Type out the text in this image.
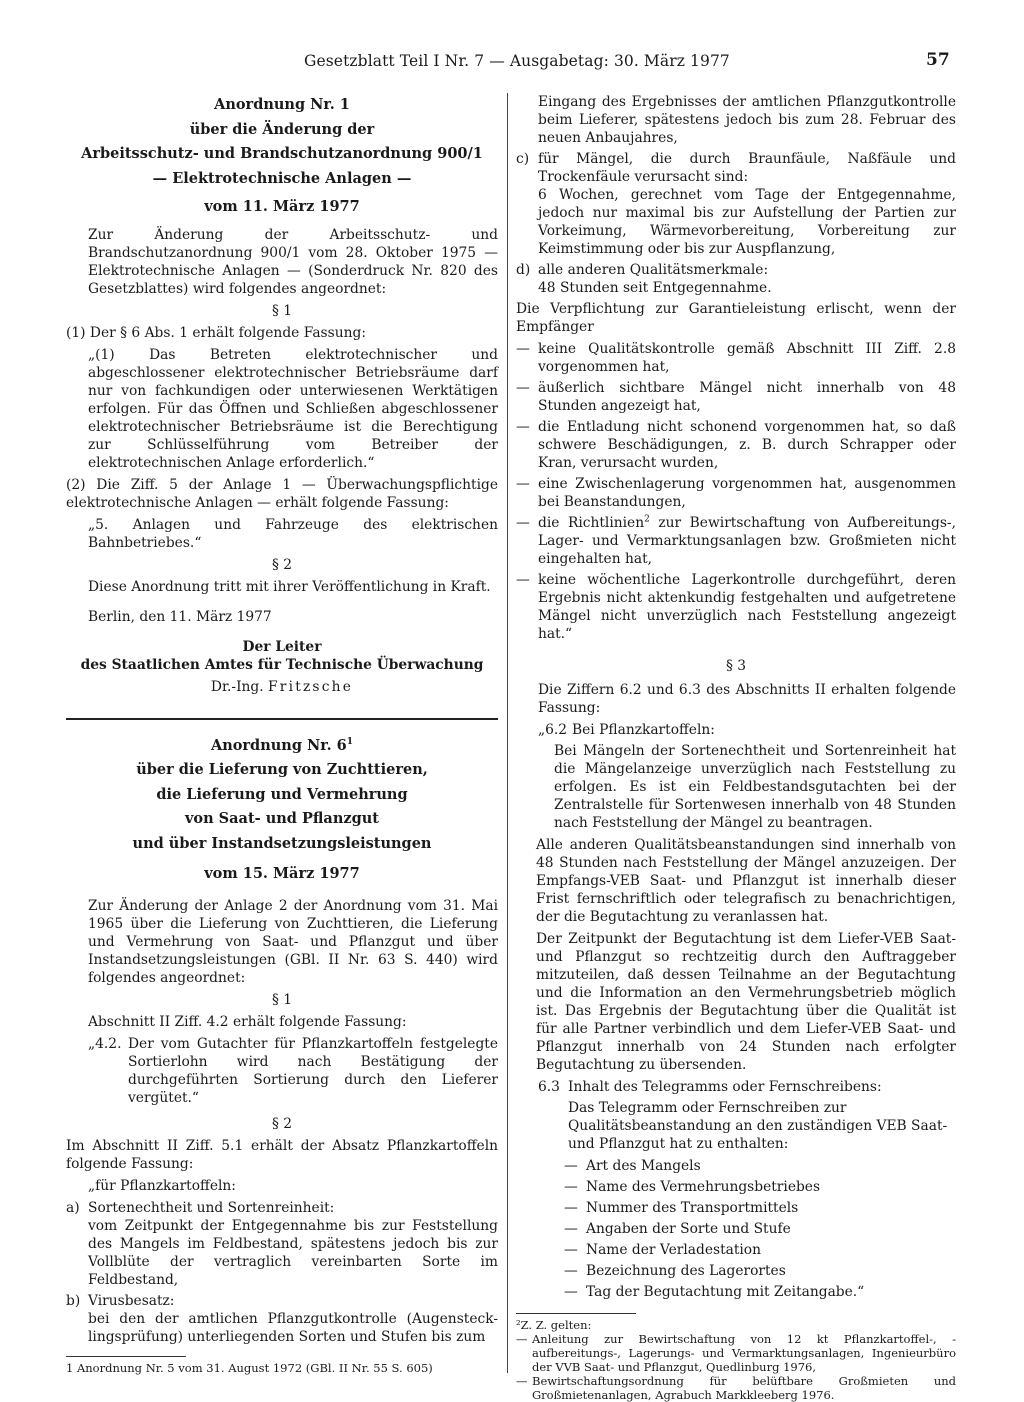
Gesetzblatt Teil I Nr. 7 — Ausgabetag: 30. März 1977	57
Anordnung Nr. 1
über die Änderung der
Arbeitsschutz- und Brandschutzanordnung 900/1
— Elektrotechnische Anlagen —
vom 11. März 1977

Zur Änderung der Arbeitsschutz- und Brandschutzanordnung 900/1 vom 28. Oktober 1975 — Elektrotechnische Anlagen — (Sonderdruck Nr. 820 des Gesetzblattes) wird folgendes angeordnet:

§ 1

(1) Der § 6 Abs. 1 erhält folgende Fassung:

„(1) Das Betreten elektrotechnischer und abgeschlossener elektrotechnischer Betriebsräume darf nur von fachkundigen oder unterwiesenen Werktätigen erfolgen. Für das Öffnen und Schließen abgeschlossener elektrotechnischer Betriebsräume ist die Berechtigung zur Schlüsselführung vom Betreiber der elektrotechnischen Anlage erforderlich.“

(2) Die Ziff. 5 der Anlage 1 — Überwachungspflichtige elektrotechnische Anlagen — erhält folgende Fassung:

„5. Anlagen und Fahrzeuge des elektrischen Bahnbetriebes.“

§ 2

Diese Anordnung tritt mit ihrer Veröffentlichung in Kraft.

Berlin, den 11. März 1977

Der Leiter
des Staatlichen Amtes für Technische Überwachung
Dr.-Ing. Fritzsche
Anordnung Nr. $6^1$
über die Lieferung von Zuchttieren,
die Lieferung und Vermehrung
von Saat- und Pflanzgut
und über Instandsetzungsleistungen
vom 15. März 1977

Zur Änderung der Anlage 2 der Anordnung vom 31. Mai 1965 über die Lieferung von Zuchttieren, die Lieferung und Vermehrung von Saat- und Pflanzgut und über Instandsetzungsleistungen (GBl. II Nr. 63 S. 440) wird folgendes angeordnet:

§ 1

Abschnitt II Ziff. 4.2 erhält folgende Fassung:

„4.2. Der vom Gutachter für Pflanzkartoffeln festgelegte Sortierlohn wird nach Bestätigung der durchgeführten Sortierung durch den Lieferer vergütet.“
§ 2

Im Abschnitt II Ziff. 5.1 erhält der Absatz Pflanzkartoffeln folgende Fassung:

„für Pflanzkartoffeln:

a) Sortenechtheit und Sortenreinheit:
vom Zeitpunkt der Entgegennahme bis zur Feststellung des Mangels im Feldbestand, spätestens jedoch bis zur Vollblüte der vertraglich vereinbarten Sorte im Feldbestand,
b) Virusbesatz:
bei den der amtlichen Pflanzgutkontrolle (Augensteck-lingsprüfung) unterliegenden Sorten und Stufen bis zum
1 Anordnung Nr. 5 vom 31. August 1972 (GBl. II Nr. 55 S. 605)
Eingang des Ergebnisses der amtlichen Pflanzgutkontrolle beim Lieferer, spätestens jedoch bis zum 28. Februar des neuen Anbaujahres,
c) für Mängel, die durch Braunfäule, Naßfäule und Trockenfäule verursacht sind:
6 Wochen, gerechnet vom Tage der Entgegennahme, jedoch nur maximal bis zur Aufstellung der Partien zur Vorkeimung, Wärmevorbereitung, Vorbereitung zur Keimstimmung oder bis zur Auspflanzung,
d) alle anderen Qualitätsmerkmale:
48 Stunden seit Entgegennahme.

Die Verpflichtung zur Garantieleistung erlischt, wenn der Empfänger

— keine Qualitätskontrolle gemäß Abschnitt III Ziff. 2.8 vorgenommen hat,
— äußerlich sichtbare Mängel nicht innerhalb von 48 Stunden angezeigt hat,
— die Entladung nicht schonend vorgenommen hat, so daß schwere Beschädigungen, z. B. durch Schrapper oder Kran, verursacht wurden,
— eine Zwischenlagerung vorgenommen hat, ausgenommen bei Beanstandungen,
— die Richtlinien$^2$ zur Bewirtschaftung von Aufbereitungs-, Lager- und Vermarktungsanlagen bzw. Großmieten nicht eingehalten hat,
— keine wöchentliche Lagerkontrolle durchgeführt, deren Ergebnis nicht aktenkundig festgehalten und aufgetretene Mängel nicht unverzüglich nach Feststellung angezeigt hat.“
§ 3

Die Ziffern 6.2 und 6.3 des Abschnitts II erhalten folgende Fassung:

„6.2 Bei Pflanzkartoffeln:

Bei Mängeln der Sortenechtheit und Sortenreinheit hat die Mängelanzeige unverzüglich nach Feststellung zu erfolgen. Es ist ein Feldbestandsgutachten bei der Zentralstelle für Sortenwesen innerhalb von 48 Stunden nach Feststellung der Mängel zu beantragen.

Alle anderen Qualitätsbeanstandungen sind innerhalb von 48 Stunden nach Feststellung der Mängel anzuzeigen. Der Empfangs-VEB Saat- und Pflanzgut ist innerhalb dieser Frist fernschriftlich oder telegrafisch zu benachrichtigen, der die Begutachtung zu veranlassen hat.

Der Zeitpunkt der Begutachtung ist dem Liefer-VEB Saat- und Pflanzgut so rechtzeitig durch den Auftraggeber mitzuteilen, daß dessen Teilnahme an der Begutachtung und die Information an den Vermehrungsbetrieb möglich ist. Das Ergebnis der Begutachtung über die Qualität ist für alle Partner verbindlich und dem Liefer-VEB Saat- und Pflanzgut innerhalb von 24 Stunden nach erfolgter Begutachtung zu übersenden.

6.3 Inhalt des Telegramms oder Fernschreibens:

Das Telegramm oder Fernschreiben zur Qualitätsbeanstandung an den zuständigen VEB Saat- und Pflanzgut hat zu enthalten:

— Art des Mangels
— Name des Vermehrungsbetriebes
— Nummer des Transportmittels
— Angaben der Sorte und Stufe
— Name der Verladestation
— Bezeichnung des Lagerortes
— Tag der Begutachtung mit Zeitangabe.“
²Z. Z. gelten:
— Anleitung zur Bewirtschaftung von 12 kt Pflanzkartoffel-, -aufbereitungs-, Lagerungs- und Vermarktungsanlagen, Ingenieurbüro der VVB Saat- und Pflanzgut, Quedlinburg 1976,
— Bewirtschaftungsordnung für belüftbare Großmieten und Großmietenanlagen, Agrabuch Markkleeberg 1976.
